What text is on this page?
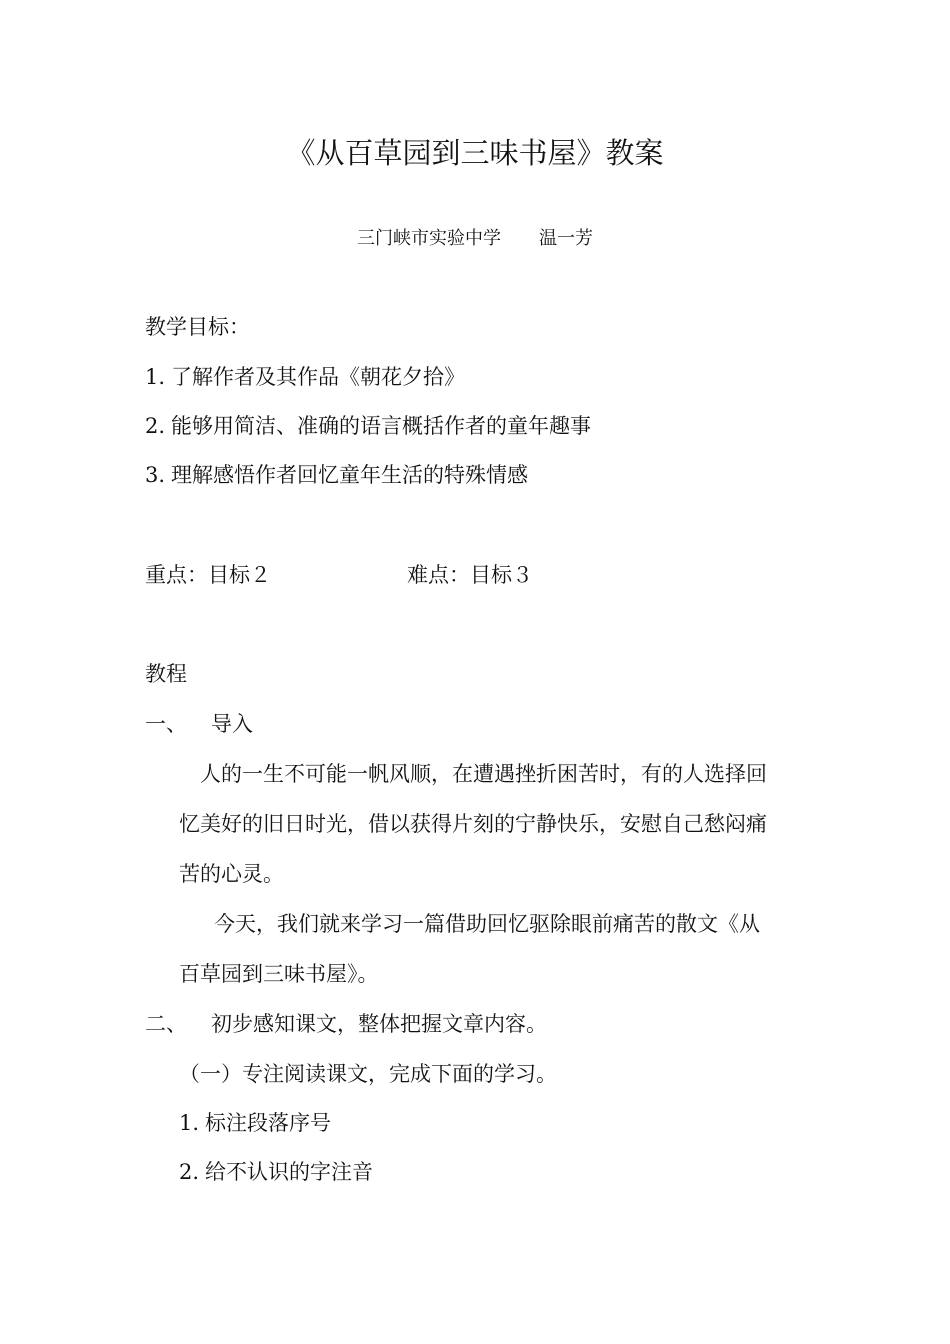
《从百草园到三味书屋》教案
三门峡市实验中学 温一芳
教学目标：
1. 了解作者及其作品《朝花夕拾》
2. 能够用简洁、准确的语言概括作者的童年趣事
3. 理解感悟作者回忆童年生活的特殊情感
重点：目标２	难点：目标３
教程
一、 导入
人的一生不可能一帆风顺，在遭遇挫折困苦时，有的人选择回
忆美好的旧日时光，借以获得片刻的宁静快乐，安慰自己愁闷痛
苦的心灵。
今天，我们就来学习一篇借助回忆驱除眼前痛苦的散文《从
百草园到三味书屋》。
二、 初步感知课文，整体把握文章内容。
（一）专注阅读课文，完成下面的学习。
1. 标注段落序号
2. 给不认识的字注音
